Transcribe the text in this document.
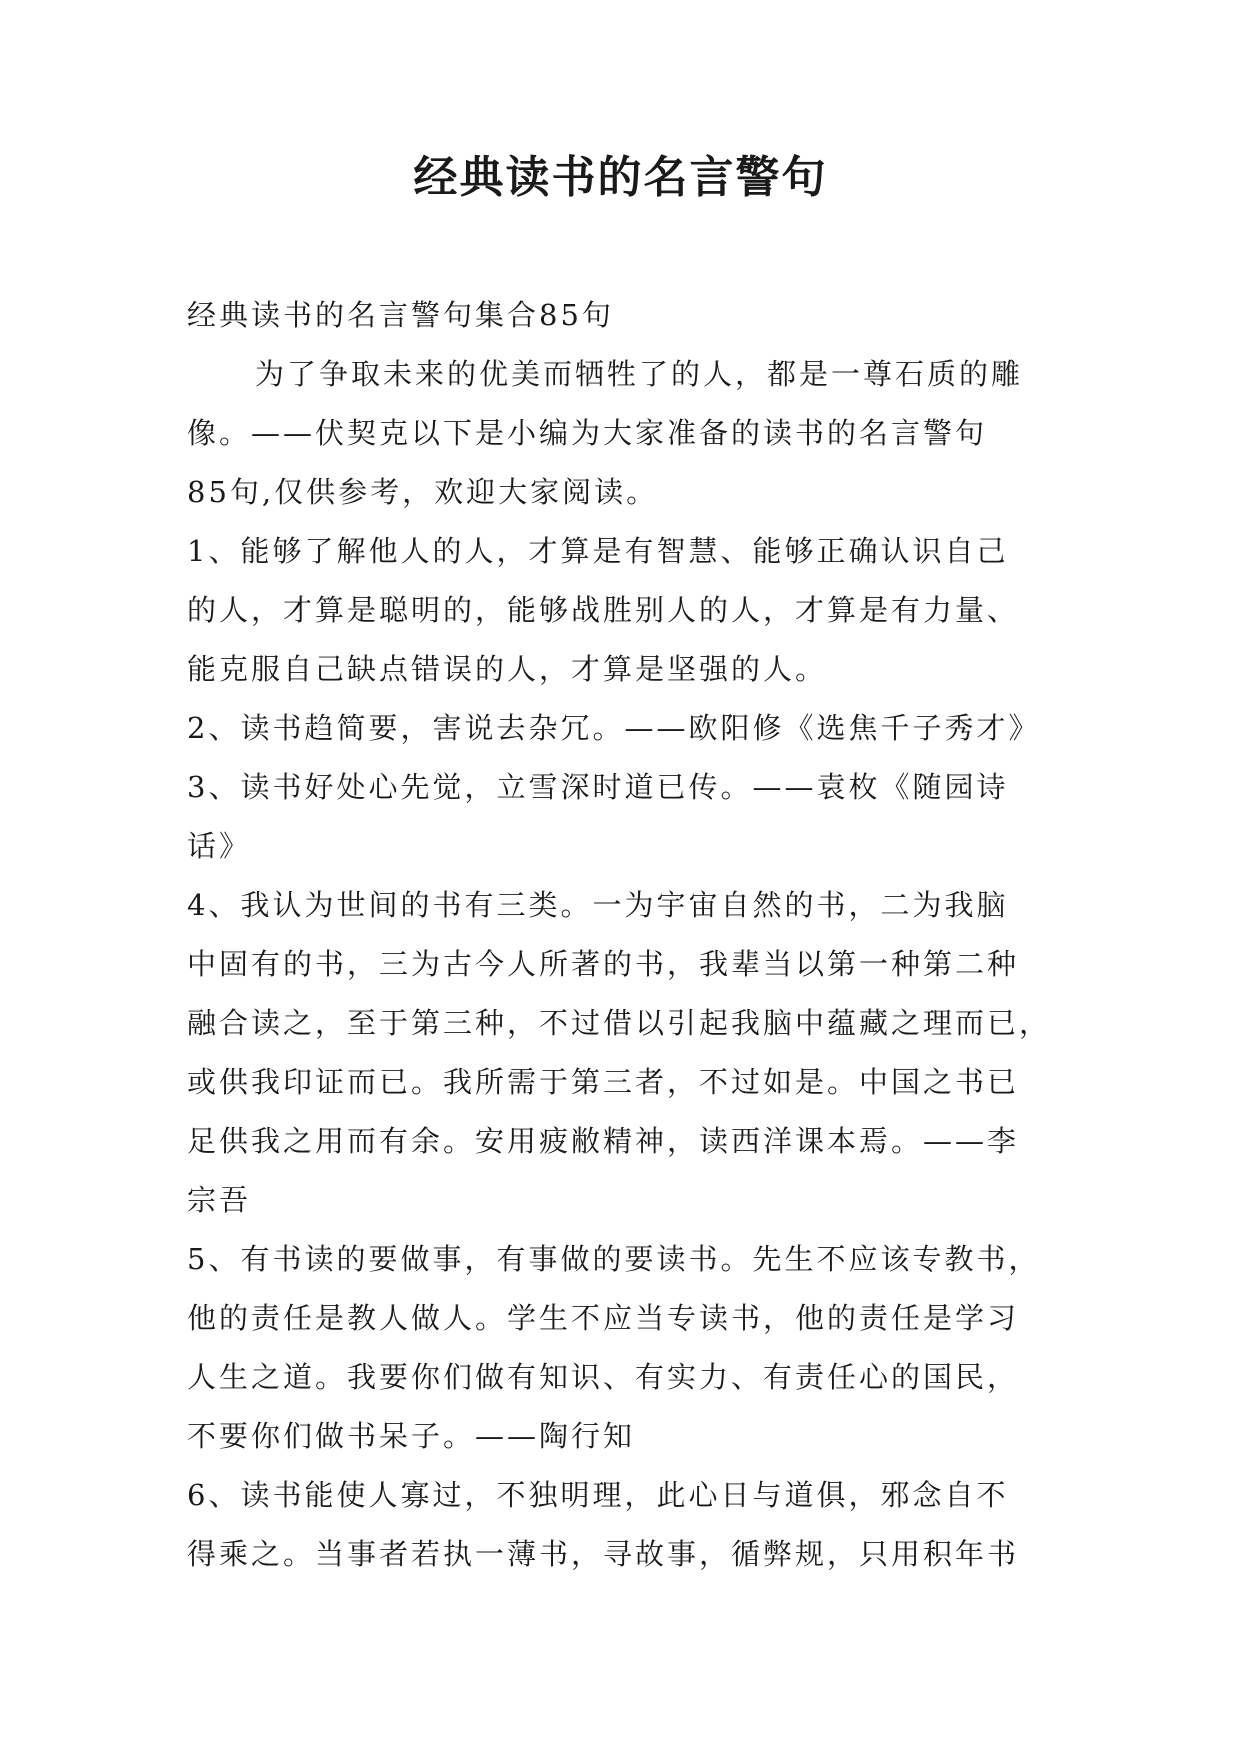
经典读书的名言警句

经典读书的名言警句集合85句

为了争取未来的优美而牺牲了的人，都是一尊石质的雕

像。——伏契克以下是小编为大家准备的读书的名言警句

85句,仅供参考，欢迎大家阅读。

1、能够了解他人的人，才算是有智慧、能够正确认识自己

的人，才算是聪明的，能够战胜别人的人，才算是有力量、

能克服自己缺点错误的人，才算是坚强的人。

2、读书趋简要，害说去杂冗。——欧阳修《选焦千子秀才》

3、读书好处心先觉，立雪深时道已传。——袁枚《随园诗

话》

4、我认为世间的书有三类。一为宇宙自然的书，二为我脑

中固有的书，三为古今人所著的书，我辈当以第一种第二种

融合读之，至于第三种，不过借以引起我脑中蕴藏之理而已，

或供我印证而已。我所需于第三者，不过如是。中国之书已

足供我之用而有余。安用疲敝精神，读西洋课本焉。——李

宗吾

5、有书读的要做事，有事做的要读书。先生不应该专教书，

他的责任是教人做人。学生不应当专读书，他的责任是学习

人生之道。我要你们做有知识、有实力、有责任心的国民，

不要你们做书呆子。——陶行知

6、读书能使人寡过，不独明理，此心日与道俱，邪念自不

得乘之。当事者若执一薄书，寻故事，循弊规，只用积年书
